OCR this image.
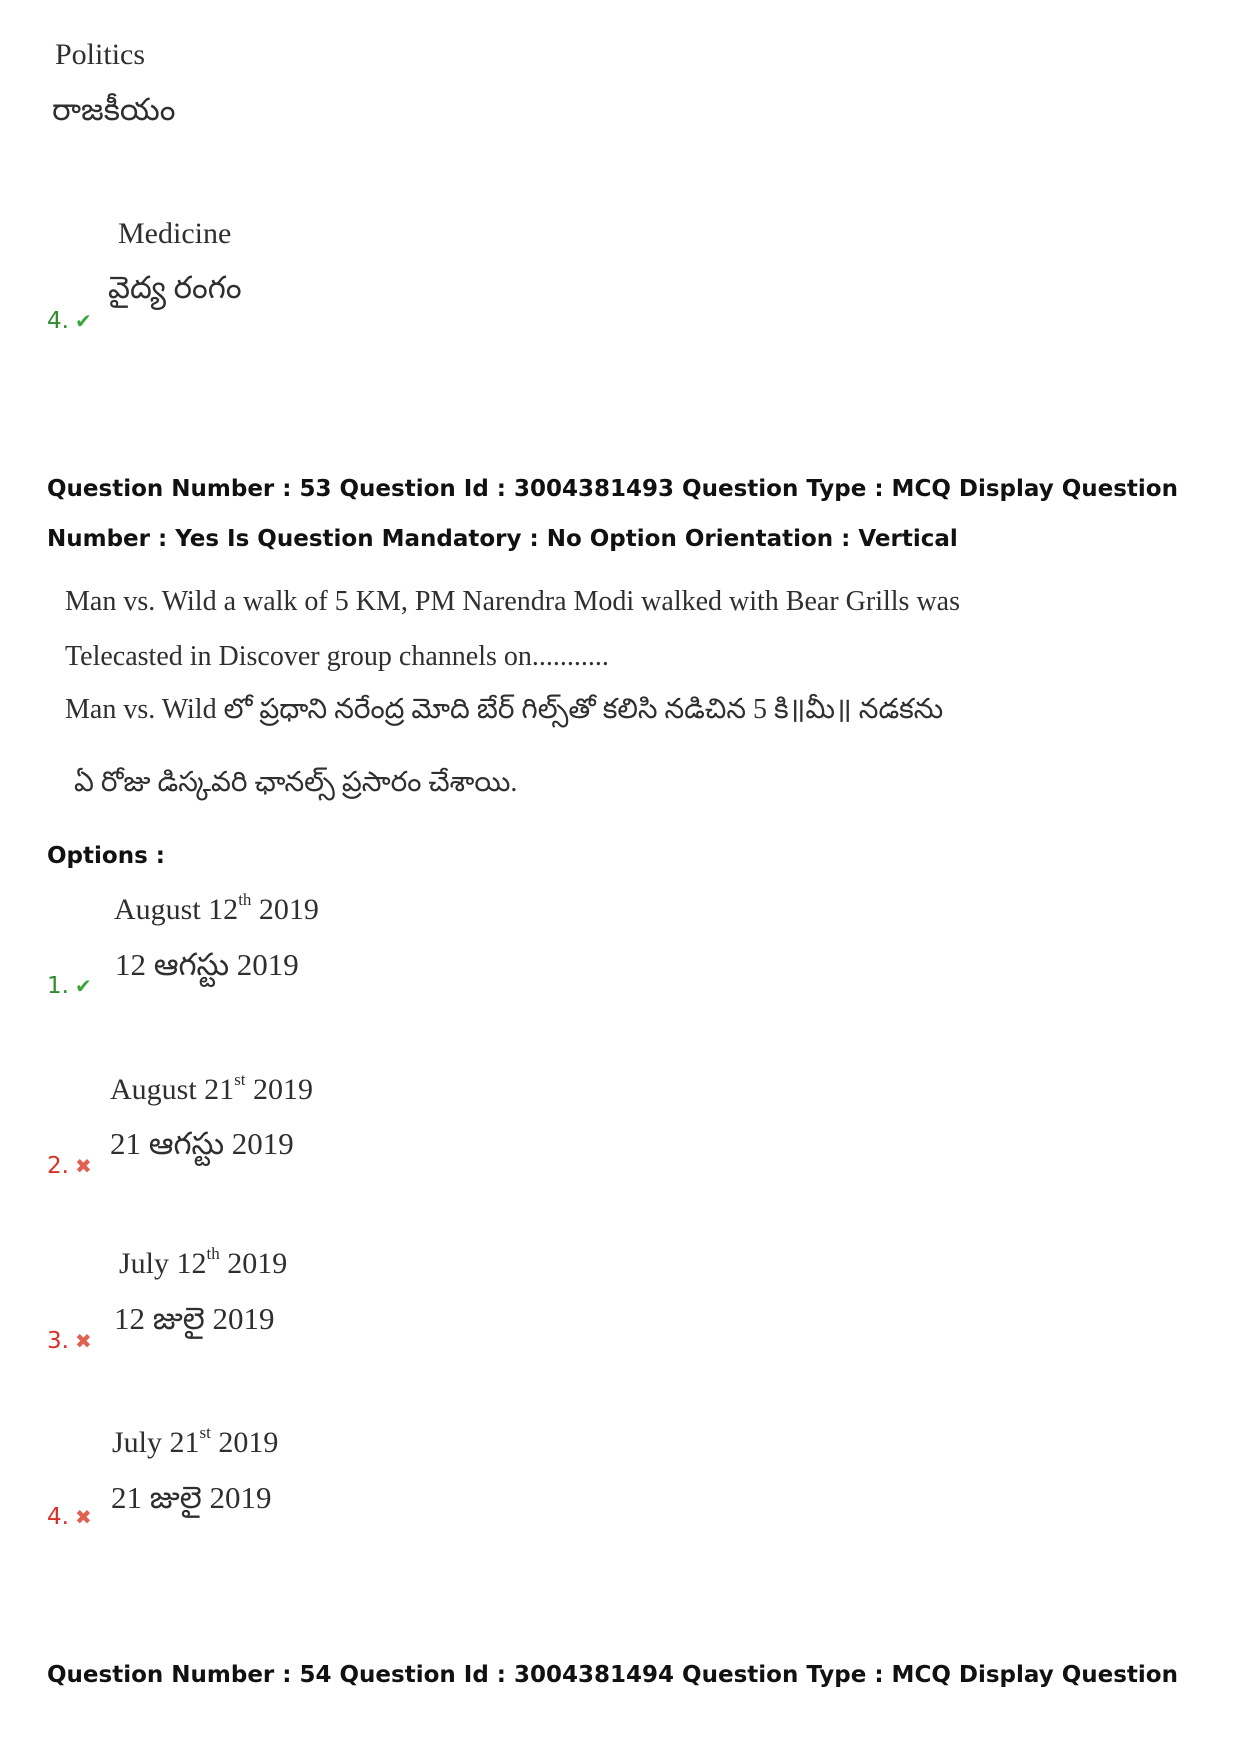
Politics
రాజకీయం
Medicine
వైద్య రంగం
4. ✔
Question Number : 53 Question Id : 3004381493 Question Type : MCQ Display Question
Number : Yes Is Question Mandatory : No Option Orientation : Vertical
Man vs. Wild a walk of 5 KM, PM Narendra Modi walked with Bear Grills was
Telecasted in Discover group channels on...........
Man vs. Wild లో ప్రధాని నరేంద్ర మోది బేర్ గిల్స్‌తో కలిసి నడిచిన 5 కి॥మీ॥ నడకను
ఏ రోజు డిస్కవరి ఛానల్స్ ప్రసారం చేశాయి.
Options :
August 12th 2019
12 ఆగస్టు 2019
1. ✔
August 21st 2019
21 ఆగస్టు 2019
2. ✖
July 12th 2019
12 జులై 2019
3. ✖
July 21st 2019
21 జులై 2019
4. ✖
Question Number : 54 Question Id : 3004381494 Question Type : MCQ Display Question
